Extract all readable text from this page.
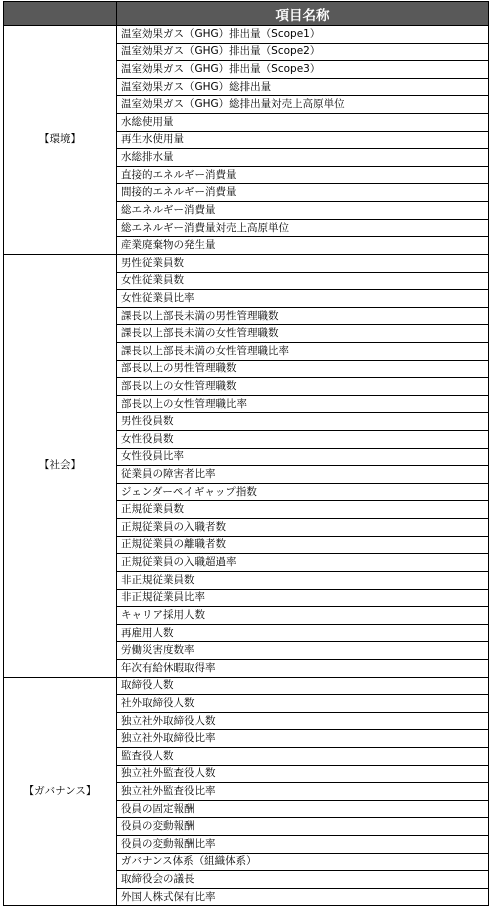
	項目名称
【環境】	温室効果ガス（GHG）排出量（Scope1）
	温室効果ガス（GHG）排出量（Scope2）
	温室効果ガス（GHG）排出量（Scope3）
	温室効果ガス（GHG）総排出量
	温室効果ガス（GHG）総排出量対売上高原単位
	水総使用量
	再生水使用量
	水総排水量
	直接的エネルギー消費量
	間接的エネルギー消費量
	総エネルギー消費量
	総エネルギー消費量対売上高原単位
	産業廃棄物の発生量
【社会】	男性従業員数
	女性従業員数
	女性従業員比率
	課長以上部長未満の男性管理職数
	課長以上部長未満の女性管理職数
	課長以上部長未満の女性管理職比率
	部長以上の男性管理職数
	部長以上の女性管理職数
	部長以上の女性管理職比率
	男性役員数
	女性役員数
	女性役員比率
	従業員の障害者比率
	ジェンダーペイギャップ指数
	正規従業員数
	正規従業員の入職者数
	正規従業員の離職者数
	正規従業員の入職超過率
	非正規従業員数
	非正規従業員比率
	キャリア採用人数
	再雇用人数
	労働災害度数率
	年次有給休暇取得率
【ガバナンス】	取締役人数
	社外取締役人数
	独立社外取締役人数
	独立社外取締役比率
	監査役人数
	独立社外監査役人数
	独立社外監査役比率
	役員の固定報酬
	役員の変動報酬
	役員の変動報酬比率
	ガバナンス体系（組織体系）
	取締役会の議長
	外国人株式保有比率
